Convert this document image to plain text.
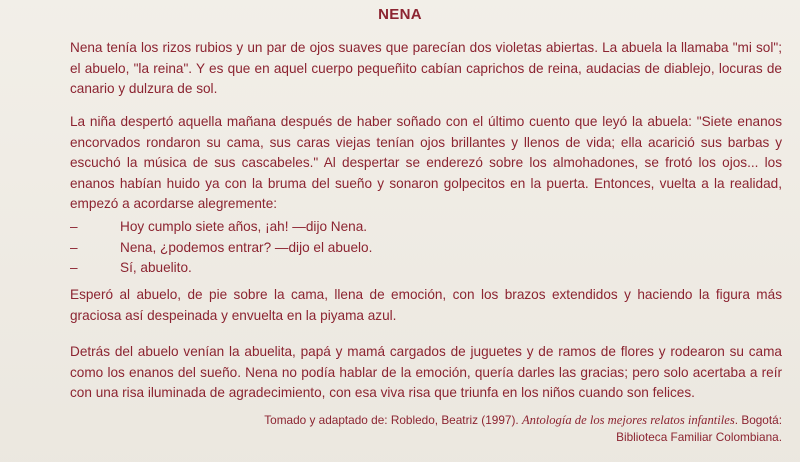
NENA

Nena tenía los rizos rubios y un par de ojos suaves que parecían dos violetas abiertas. La abuela la llamaba "mi sol"; el abuelo, "la reina". Y es que en aquel cuerpo pequeñito cabían caprichos de reina, audacias de diablejo, locuras de canario y dulzura de sol.

La niña despertó aquella mañana después de haber soñado con el último cuento que leyó la abuela: "Siete enanos encorvados rondaron su cama, sus caras viejas tenían ojos brillantes y llenos de vida; ella acarició sus barbas y escuchó la música de sus cascabeles." Al despertar se enderezó sobre los almohadones, se frotó los ojos... los enanos habían huido ya con la bruma del sueño y sonaron golpecitos en la puerta. Entonces, vuelta a la realidad, empezó a acordarse alegremente:

–	Hoy cumplo siete años, ¡ah! —dijo Nena.
–	Nena, ¿podemos entrar? —dijo el abuelo.
–	Sí, abuelito.

Esperó al abuelo, de pie sobre la cama, llena de emoción, con los brazos extendidos y haciendo la figura más graciosa así despeinada y envuelta en la piyama azul.

Detrás del abuelo venían la abuelita, papá y mamá cargados de juguetes y de ramos de flores y rodearon su cama como los enanos del sueño. Nena no podía hablar de la emoción, quería darles las gracias; pero solo acertaba a reír con una risa iluminada de agradecimiento, con esa viva risa que triunfa en los niños cuando son felices.

Tomado y adaptado de: Robledo, Beatriz (1997). Antología de los mejores relatos infantiles. Bogotá:
Biblioteca Familiar Colombiana.
